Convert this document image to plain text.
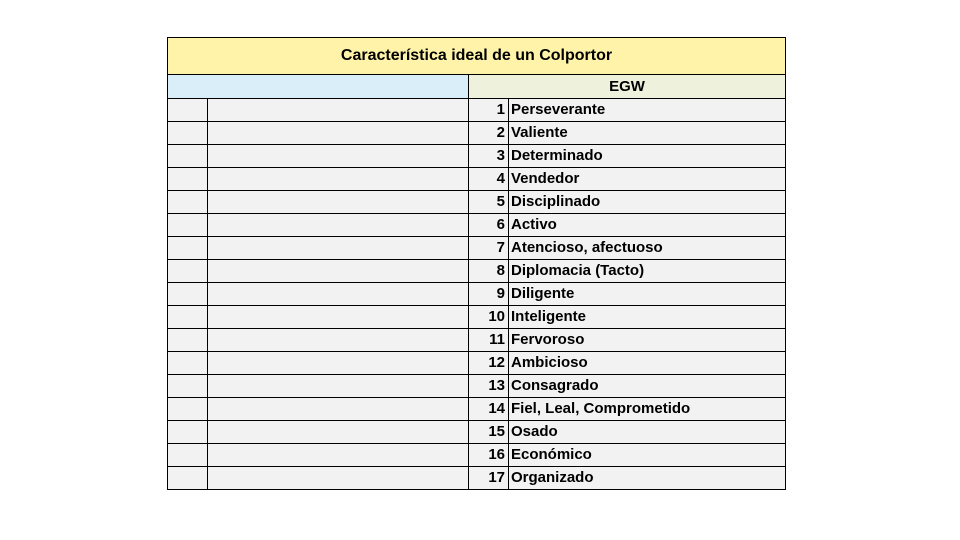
Característica ideal de un Colportor			
		EGW	
		1	Perseverante
		2	Valiente
		3	Determinado
		4	Vendedor
		5	Disciplinado
		6	Activo
		7	Atencioso, afectuoso
		8	Diplomacia (Tacto)
		9	Diligente
		10	Inteligente
		11	Fervoroso
		12	Ambicioso
		13	Consagrado
		14	Fiel, Leal, Comprometido
		15	Osado
		16	Económico
		17	Organizado
